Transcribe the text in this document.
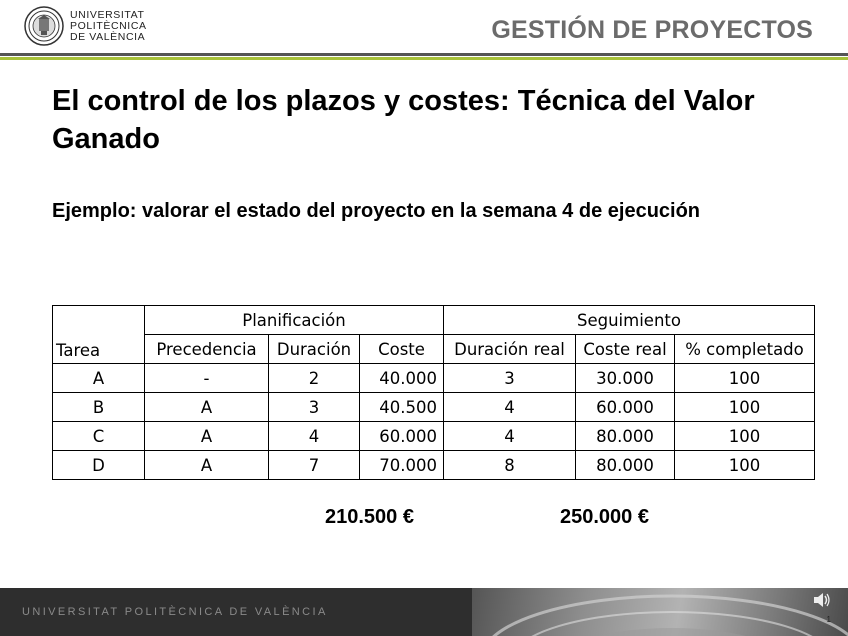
UNIVERSITAT
POLITÈCNICA
DE VALÈNCIA	GESTIÓN DE PROYECTOS
El control de los plazos y costes: Técnica del Valor Ganado
Ejemplo: valorar el estado del proyecto en la semana 4 de ejecución
Tarea	Planificación			Seguimiento		
	Precedencia	Duración	Coste	Duración real	Coste real	% completado
A	-	2	40.000	3	30.000	100
B	A	3	40.500	4	60.000	100
C	A	4	60.000	4	80.000	100
D	A	7	70.000	8	80.000	100
210.500 €	250.000 €
UNIVERSITAT POLITÈCNICA DE VALÈNCIA
1
